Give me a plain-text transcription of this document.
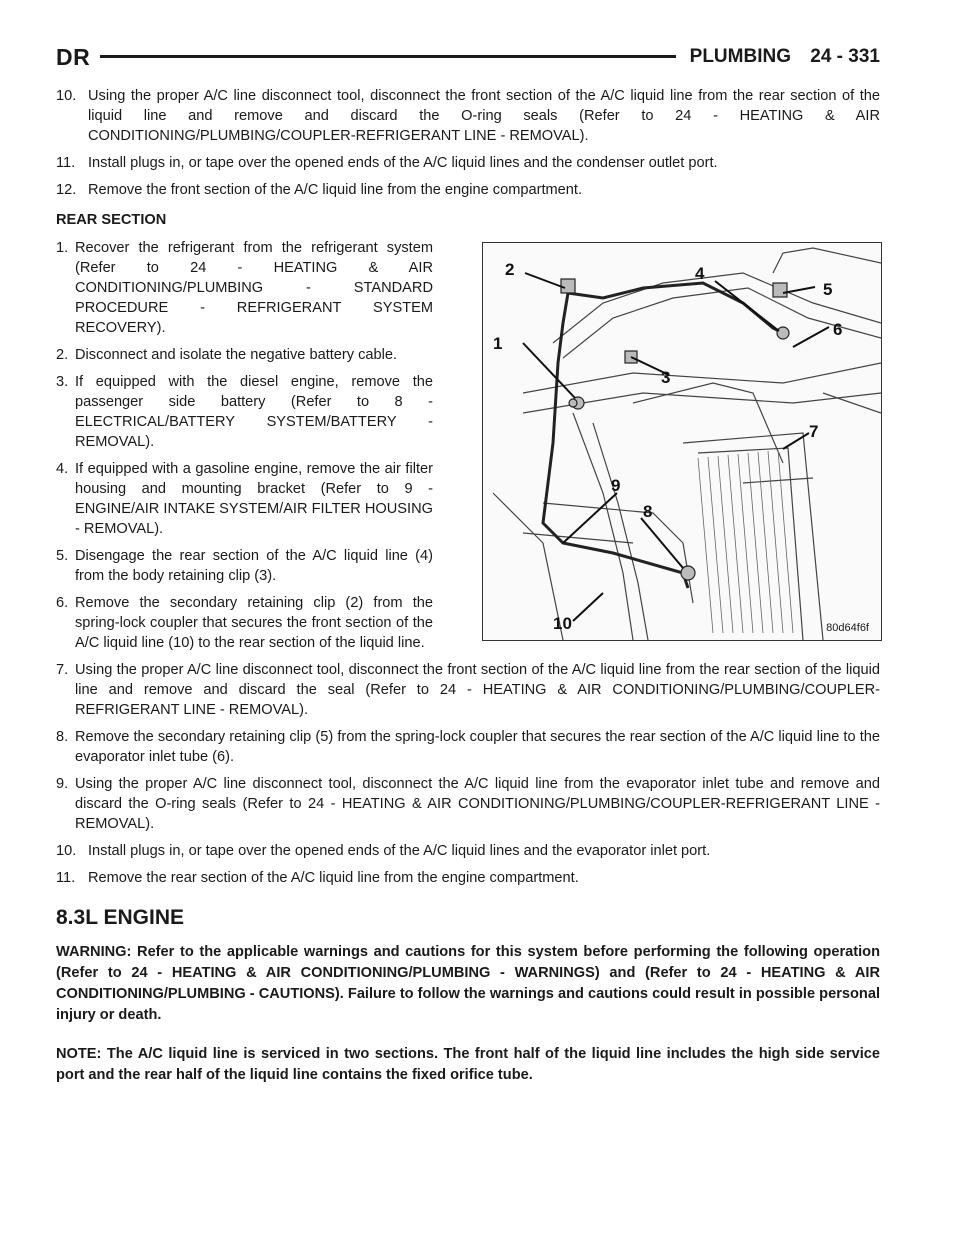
DR	PLUMBING 24 - 331
10. Using the proper A/C line disconnect tool, disconnect the front section of the A/C liquid line from the rear section of the liquid line and remove and discard the O-ring seals (Refer to 24 - HEATING & AIR CONDITIONING/PLUMBING/COUPLER-REFRIGERANT LINE - REMOVAL).
11. Install plugs in, or tape over the opened ends of the A/C liquid lines and the condenser outlet port.
12. Remove the front section of the A/C liquid line from the engine compartment.
REAR SECTION
1. Recover the refrigerant from the refrigerant system (Refer to 24 - HEATING & AIR CONDITIONING/PLUMBING - STANDARD PROCEDURE - REFRIGERANT SYSTEM RECOVERY).
2. Disconnect and isolate the negative battery cable.
3. If equipped with the diesel engine, remove the passenger side battery (Refer to 8 - ELECTRICAL/BATTERY SYSTEM/BATTERY - REMOVAL).
4. If equipped with a gasoline engine, remove the air filter housing and mounting bracket (Refer to 9 - ENGINE/AIR INTAKE SYSTEM/AIR FILTER HOUSING - REMOVAL).
5. Disengage the rear section of the A/C liquid line (4) from the body retaining clip (3).
6. Remove the secondary retaining clip (2) from the spring-lock coupler that secures the front section of the A/C liquid line (10) to the rear section of the liquid line.
7. Using the proper A/C line disconnect tool, disconnect the front section of the A/C liquid line from the rear section of the liquid line and remove and discard the seal (Refer to 24 - HEATING & AIR CONDITIONING/PLUMBING/COUPLER-REFRIGERANT LINE - REMOVAL).
8. Remove the secondary retaining clip (5) from the spring-lock coupler that secures the rear section of the A/C liquid line to the evaporator inlet tube (6).
9. Using the proper A/C line disconnect tool, disconnect the A/C liquid line from the evaporator inlet tube and remove and discard the O-ring seals (Refer to 24 - HEATING & AIR CONDITIONING/PLUMBING/COUPLER-REFRIGERANT LINE - REMOVAL).
10. Install plugs in, or tape over the opened ends of the A/C liquid lines and the evaporator inlet port.
11. Remove the rear section of the A/C liquid line from the engine compartment.
8.3L ENGINE
WARNING: Refer to the applicable warnings and cautions for this system before performing the following operation (Refer to 24 - HEATING & AIR CONDITIONING/PLUMBING - WARNINGS) and (Refer to 24 - HEATING & AIR CONDITIONING/PLUMBING - CAUTIONS). Failure to follow the warnings and cautions could result in possible personal injury or death.
NOTE: The A/C liquid line is serviced in two sections. The front half of the liquid line includes the high side service port and the rear half of the liquid line contains the fixed orifice tube.
2	4
5
6
1
3
7
9
8
10	80d64f6f
